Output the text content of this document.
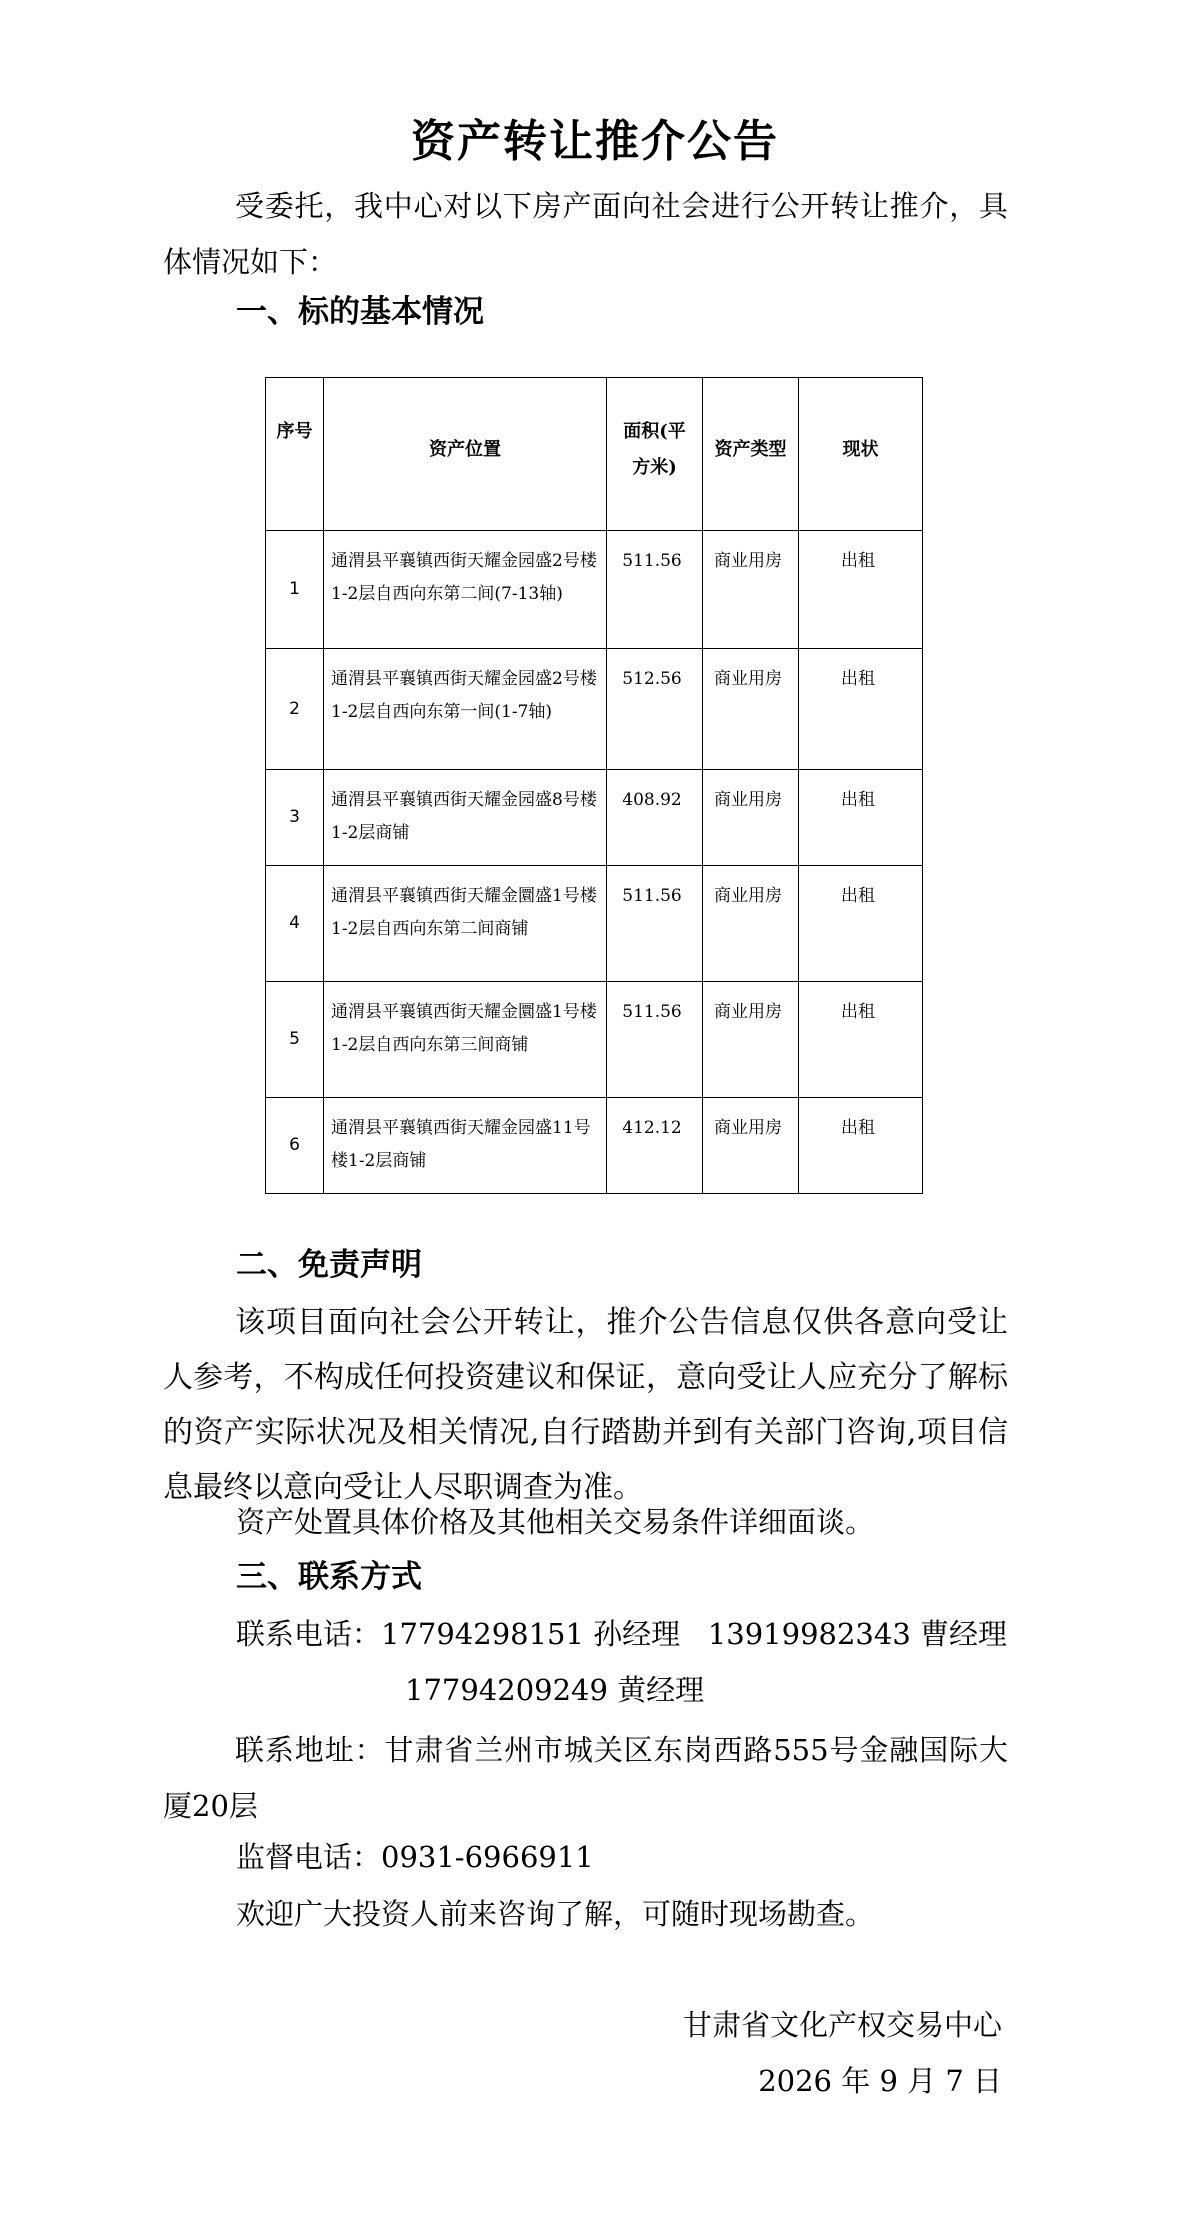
资产转让推介公告
受委托，我中心对以下房产面向社会进行公开转让推介，具体情况如下：
一、标的基本情况
序号	资产位置	面积(平方米)	资产类型	现状
1	通渭县平襄镇西街天耀金园盛2号楼1-2层自西向东第二间(7-13轴)	511.56	商业用房	出租
2	通渭县平襄镇西街天耀金园盛2号楼1-2层自西向东第一间(1-7轴)	512.56	商业用房	出租
3	通渭县平襄镇西街天耀金园盛8号楼1-2层商铺	408.92	商业用房	出租
4	通渭县平襄镇西街天耀金圜盛1号楼1-2层自西向东第二间商铺	511.56	商业用房	出租
5	通渭县平襄镇西街天耀金圜盛1号楼1-2层自西向东第三间商铺	511.56	商业用房	出租
6	通渭县平襄镇西街天耀金园盛11号楼1-2层商铺	412.12	商业用房	出租
二、免责声明
该项目面向社会公开转让，推介公告信息仅供各意向受让人参考，不构成任何投资建议和保证，意向受让人应充分了解标的资产实际状况及相关情况,自行踏勘并到有关部门咨询,项目信息最终以意向受让人尽职调查为准。
资产处置具体价格及其他相关交易条件详细面谈。
三、联系方式
联系电话：17794298151 孙经理   13919982343 曹经理
17794209249 黄经理
联系地址：甘肃省兰州市城关区东岗西路555号金融国际大厦20层
监督电话：0931-6966911
欢迎广大投资人前来咨询了解，可随时现场勘查。
甘肃省文化产权交易中心
2026 年 9 月 7 日
